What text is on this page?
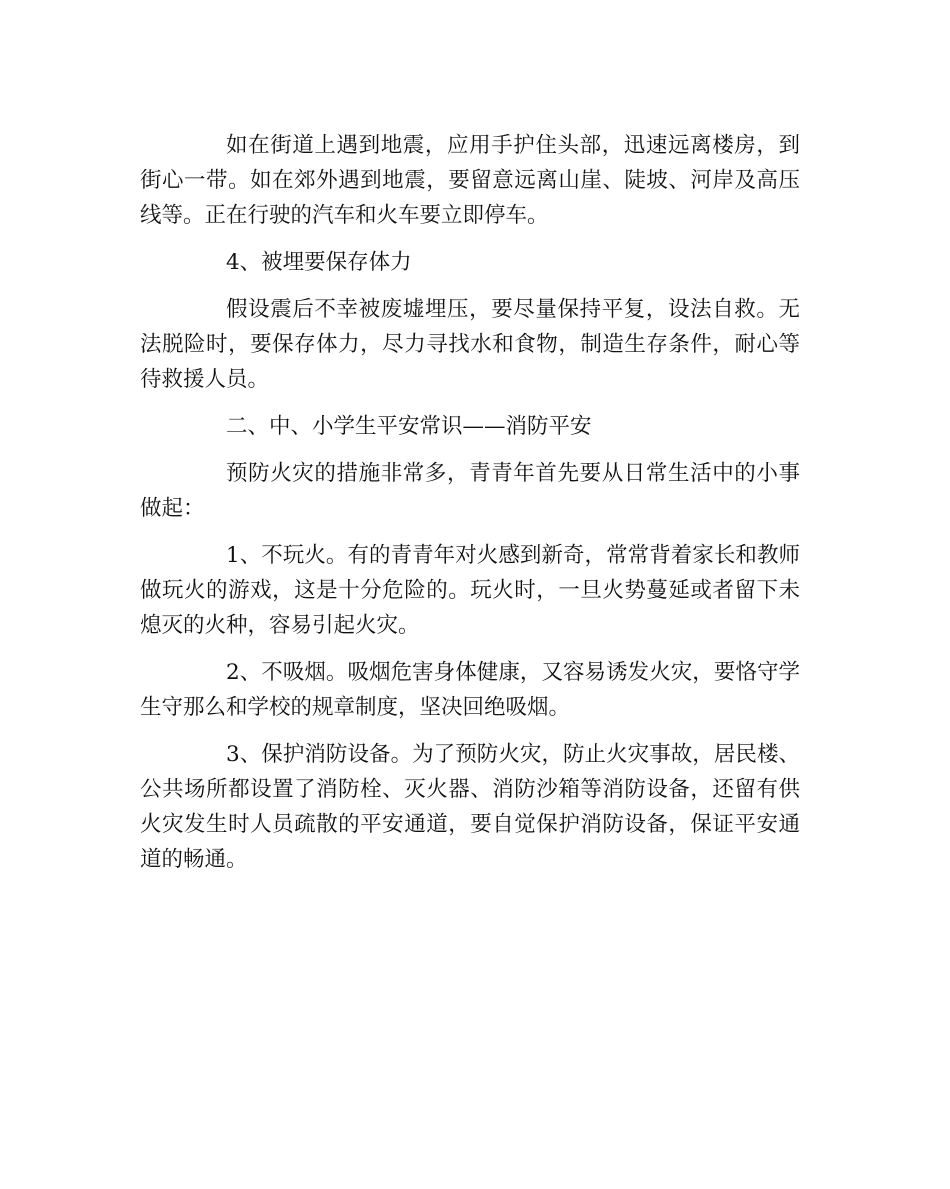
如在街道上遇到地震，应用手护住头部，迅速远离楼房，到街心一带。如在郊外遇到地震，要留意远离山崖、陡坡、河岸及高压线等。正在行驶的汽车和火车要立即停车。

4、被埋要保存体力

假设震后不幸被废墟埋压，要尽量保持平复，设法自救。无法脱险时，要保存体力，尽力寻找水和食物，制造生存条件，耐心等待救援人员。

二、中、小学生平安常识——消防平安

预防火灾的措施非常多，青青年首先要从日常生活中的小事做起：

1、不玩火。有的青青年对火感到新奇，常常背着家长和教师做玩火的游戏，这是十分危险的。玩火时，一旦火势蔓延或者留下未熄灭的火种，容易引起火灾。

2、不吸烟。吸烟危害身体健康，又容易诱发火灾，要恪守学生守那么和学校的规章制度，坚决回绝吸烟。

3、保护消防设备。为了预防火灾，防止火灾事故，居民楼、公共场所都设置了消防栓、灭火器、消防沙箱等消防设备，还留有供火灾发生时人员疏散的平安通道，要自觉保护消防设备，保证平安通道的畅通。
